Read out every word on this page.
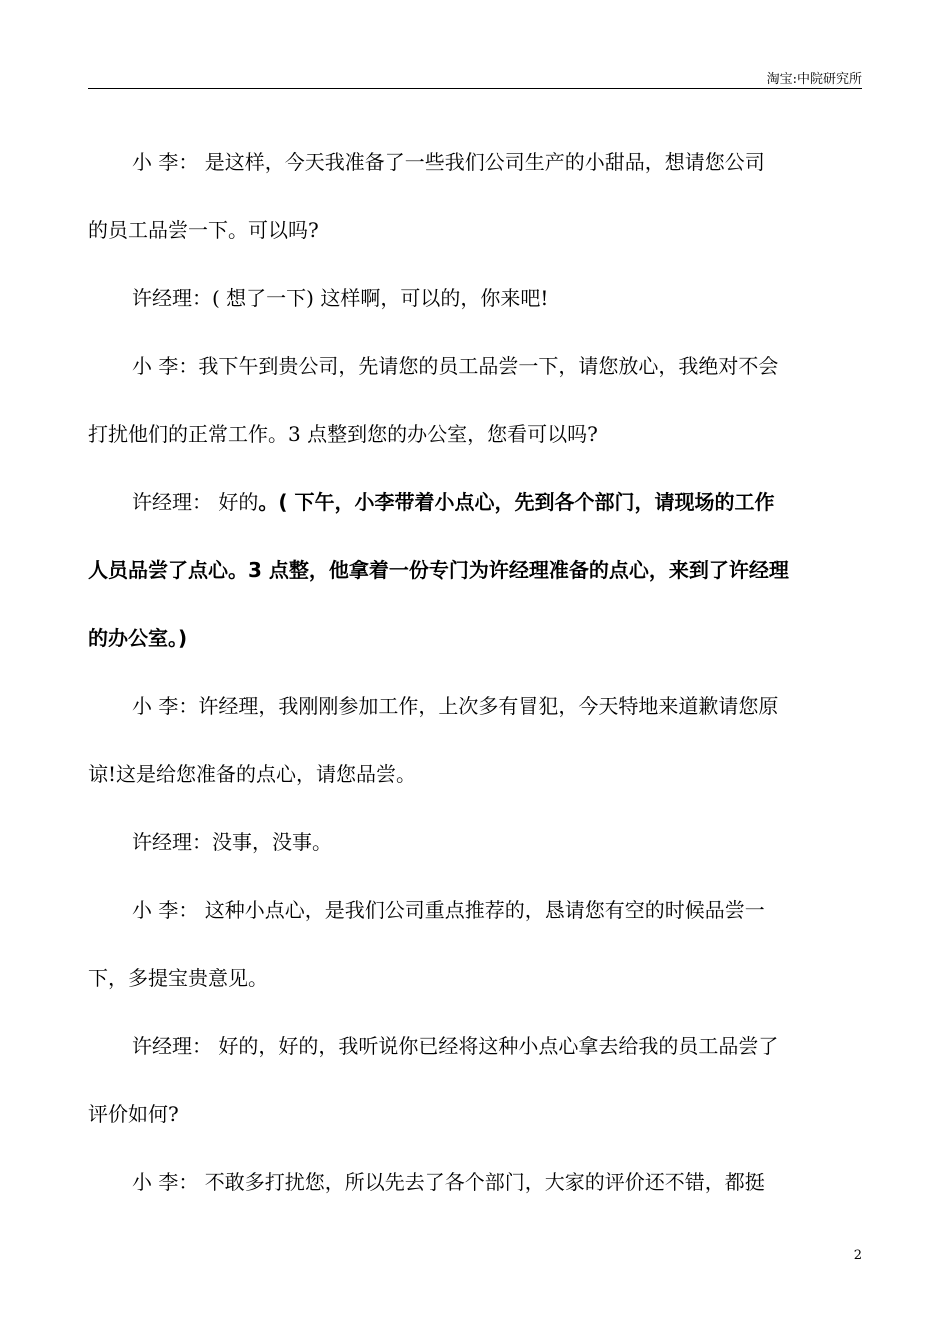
淘宝:中院研究所
小 李： 是这样，今天我准备了一些我们公司生产的小甜品，想请您公司
的员工品尝一下。可以吗?
许经理：( 想了一下) 这样啊，可以的，你来吧!
小 李：我下午到贵公司，先请您的员工品尝一下，请您放心，我绝对不会
打扰他们的正常工作。3 点整到您的办公室，您看可以吗?
许经理： 好的。( 下午，小李带着小点心，先到各个部门，请现场的工作
人员品尝了点心。3 点整，他拿着一份专门为许经理准备的点心，来到了许经理
的办公室。)
小 李：许经理，我刚刚参加工作，上次多有冒犯，今天特地来道歉请您原
谅!这是给您准备的点心，请您品尝。
许经理：没事，没事。
小 李： 这种小点心，是我们公司重点推荐的，恳请您有空的时候品尝一
下，多提宝贵意见。
许经理： 好的，好的，我听说你已经将这种小点心拿去给我的员工品尝了
评价如何?
小 李： 不敢多打扰您，所以先去了各个部门，大家的评价还不错，都挺
2
